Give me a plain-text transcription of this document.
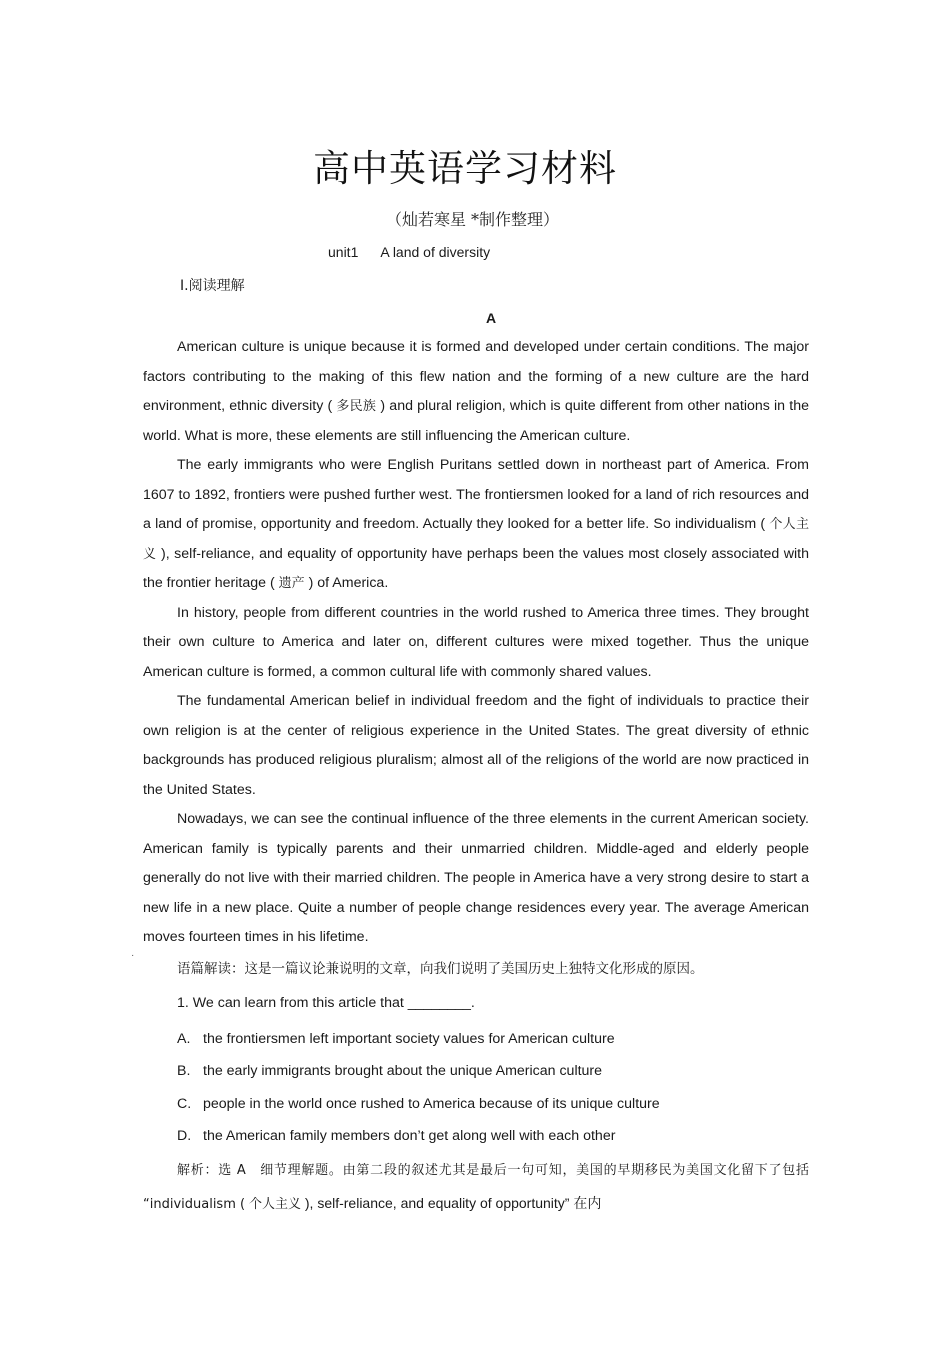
高中英语学习材料
（灿若寒星 *制作整理）
unit1 A land of diversity
Ⅰ.阅读理解
A

American culture is unique because it is formed and developed under certain conditions. The major factors contributing to the making of this flew nation and the forming of a new culture are the hard environment, ethnic diversity ( 多民族 ) and plural religion, which is quite different from other nations in the world. What is more, these elements are still influencing the American culture.

The early immigrants who were English Puritans settled down in northeast part of America. From 1607 to 1892, frontiers were pushed further west. The frontiersmen looked for a land of rich resources and a land of promise, opportunity and freedom. Actually they looked for a better life. So individualism ( 个人主义 ), self-reliance, and equality of opportunity have perhaps been the values most closely associated with the frontier heritage ( 遗产 ) of America.

In history, people from different countries in the world rushed to America three times. They brought their own culture to America and later on, different cultures were mixed together. Thus the unique American culture is formed, a common cultural life with commonly shared values.

The fundamental American belief in individual freedom and the fight of individuals to practice their own religion is at the center of religious experience in the United States. The great diversity of ethnic backgrounds has produced religious pluralism; almost all of the religions of the world are now practiced in the United States.

Nowadays, we can see the continual influence of the three elements in the current American society. American family is typically parents and their unmarried children. Middle-aged and elderly people generally do not live with their married children. The people in America have a very strong desire to start a new life in a new place. Quite a number of people change residences every year. The average American moves fourteen times in his lifetime.

·

语篇解读：这是一篇议论兼说明的文章，向我们说明了美国历史上独特文化形成的原因。

1. We can learn from this article that ________.

A. the frontiersmen left important society values for American culture
B. the early immigrants brought about the unique American culture
C. people in the world once rushed to America because of its unique culture
D. the American family members don’t get along well with each other

解析：选 A　细节理解题。由第二段的叙述尤其是最后一句可知，美国的早期移民为美国文化留下了包括 “individualism ( 个人主义 ), self-reliance, and equality of opportunity” 在内
